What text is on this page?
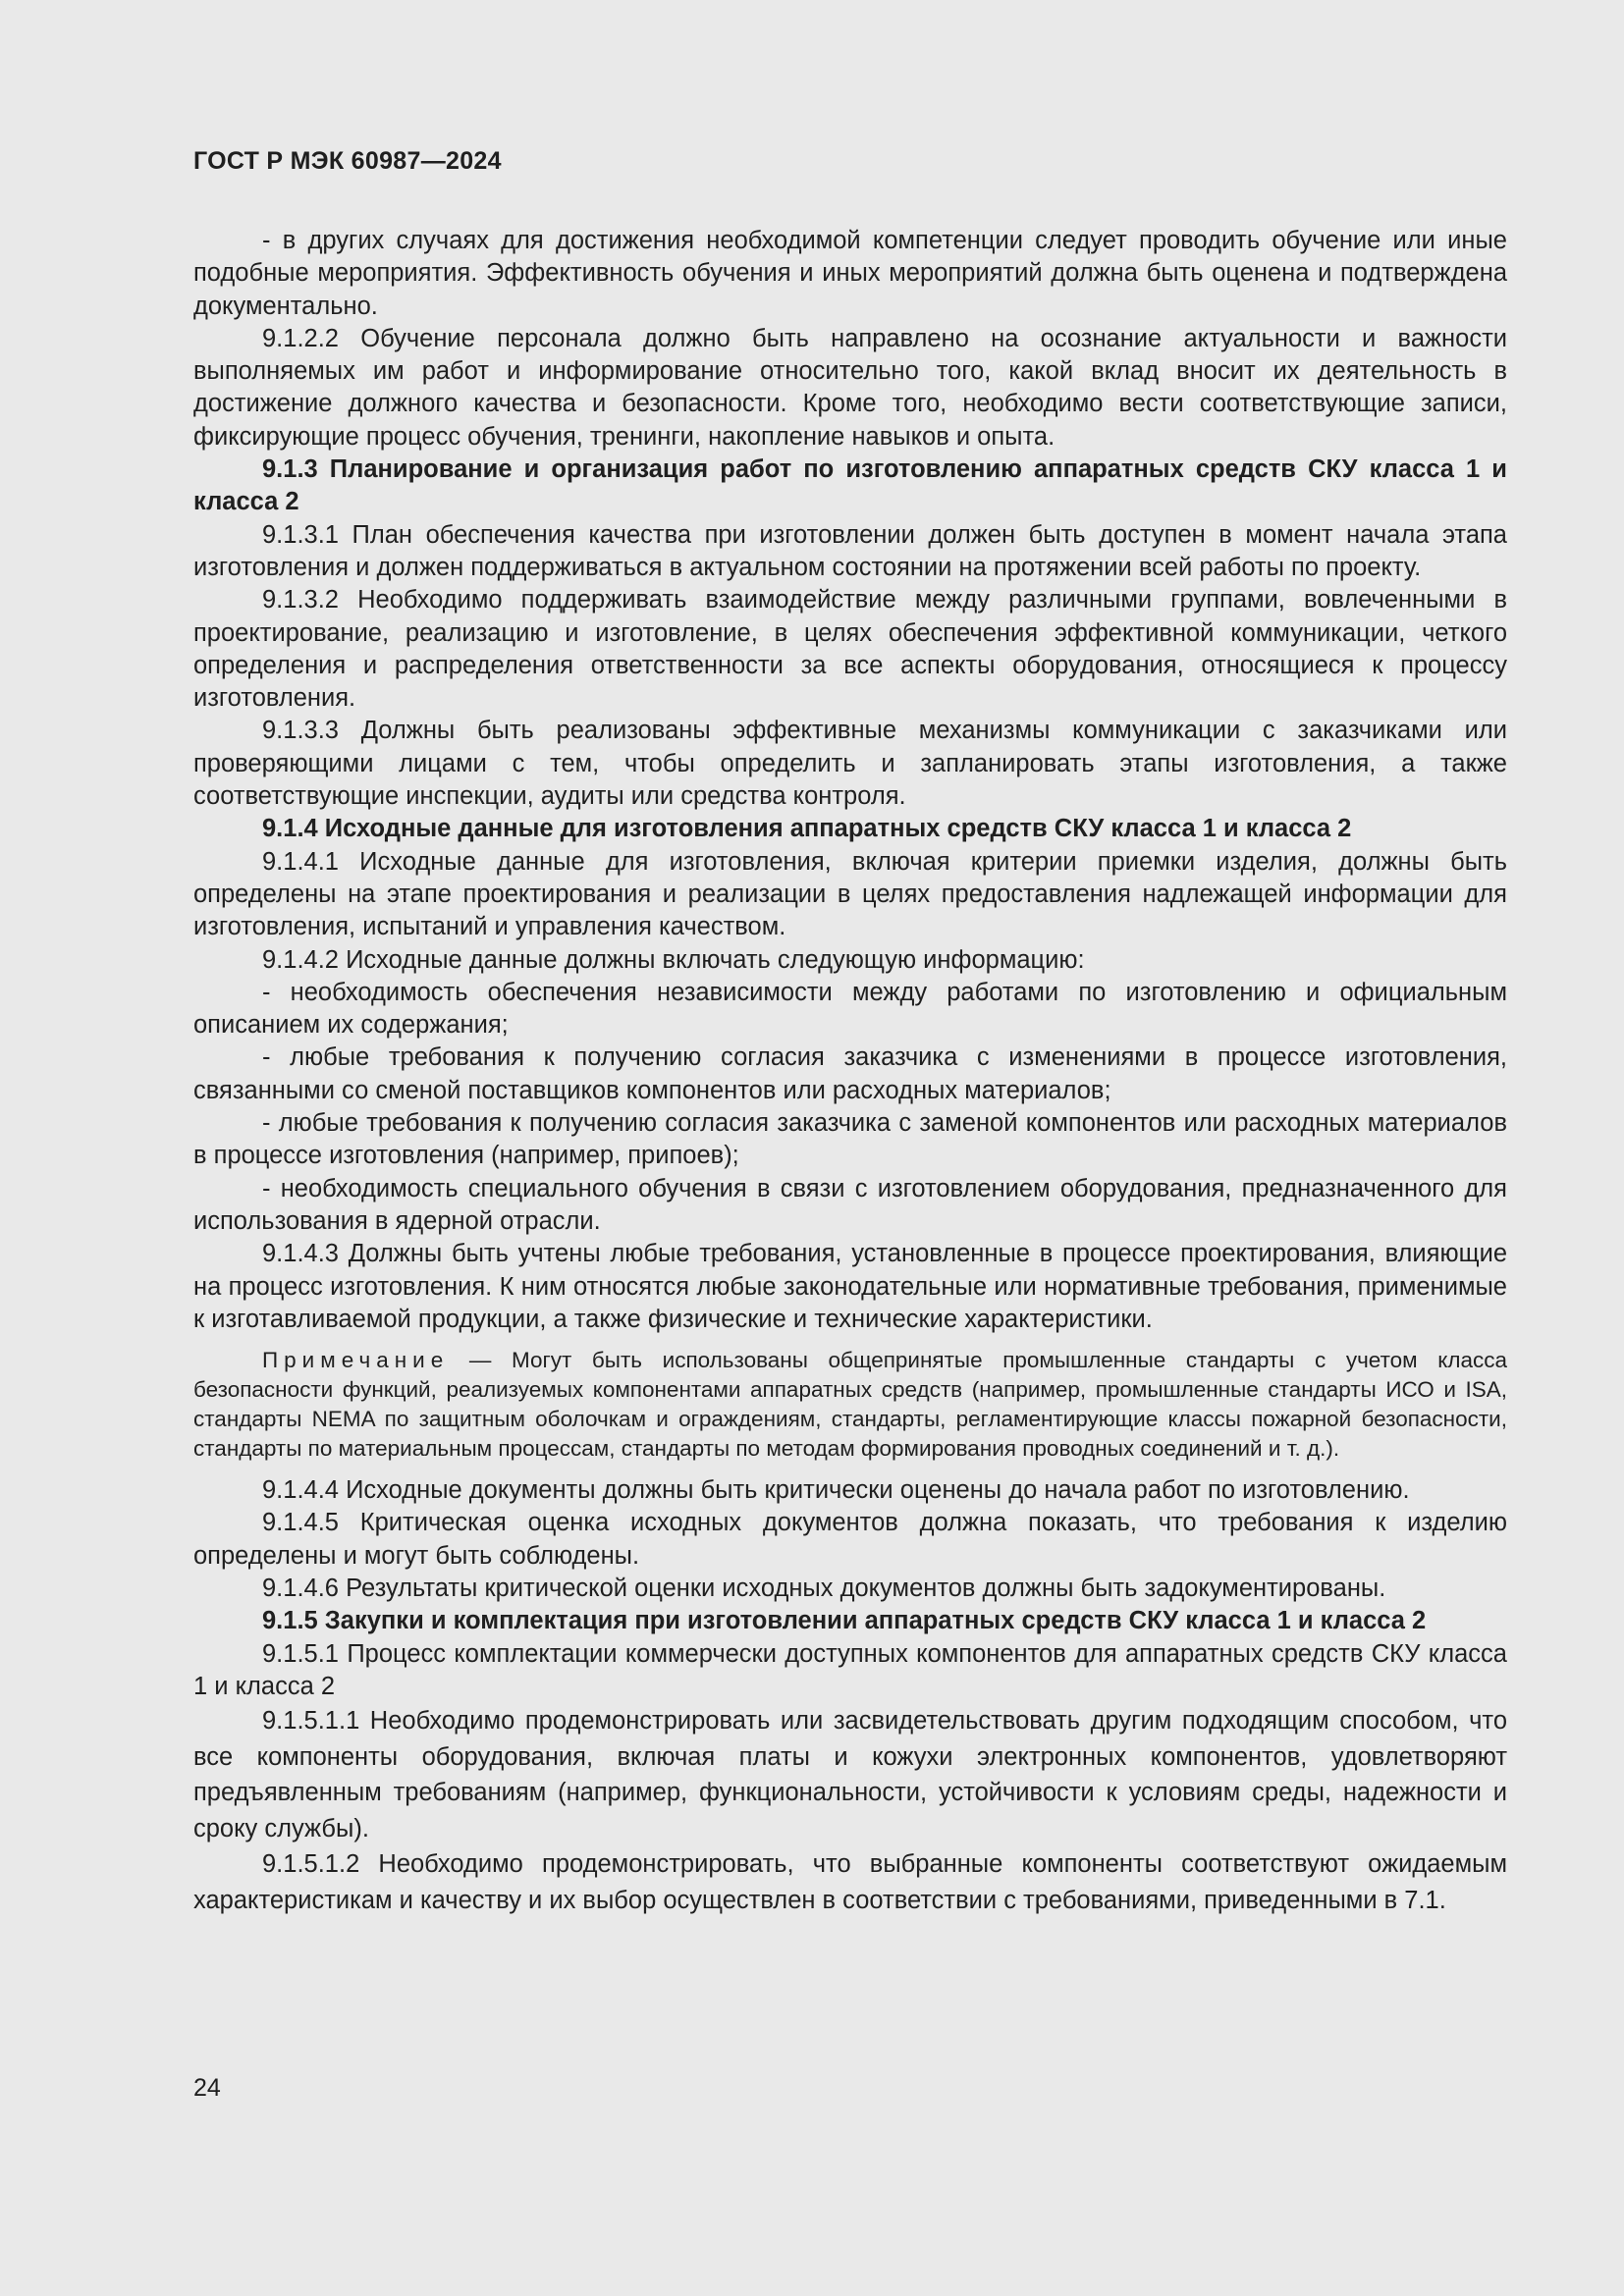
ГОСТ Р МЭК 60987—2024

- в других случаях для достижения необходимой компетенции следует проводить обучение или иные подобные мероприятия. Эффективность обучения и иных мероприятий должна быть оценена и подтверждена документально.

9.1.2.2 Обучение персонала должно быть направлено на осознание актуальности и важности выполняемых им работ и информирование относительно того, какой вклад вносит их деятельность в достижение должного качества и безопасности. Кроме того, необходимо вести соответствующие записи, фиксирующие процесс обучения, тренинги, накопление навыков и опыта.

9.1.3 Планирование и организация работ по изготовлению аппаратных средств СКУ класса 1 и класса 2

9.1.3.1 План обеспечения качества при изготовлении должен быть доступен в момент начала этапа изготовления и должен поддерживаться в актуальном состоянии на протяжении всей работы по проекту.

9.1.3.2 Необходимо поддерживать взаимодействие между различными группами, вовлеченными в проектирование, реализацию и изготовление, в целях обеспечения эффективной коммуникации, четкого определения и распределения ответственности за все аспекты оборудования, относящиеся к процессу изготовления.

9.1.3.3 Должны быть реализованы эффективные механизмы коммуникации с заказчиками или проверяющими лицами с тем, чтобы определить и запланировать этапы изготовления, а также соответствующие инспекции, аудиты или средства контроля.

9.1.4 Исходные данные для изготовления аппаратных средств СКУ класса 1 и класса 2

9.1.4.1 Исходные данные для изготовления, включая критерии приемки изделия, должны быть определены на этапе проектирования и реализации в целях предоставления надлежащей информации для изготовления, испытаний и управления качеством.

9.1.4.2 Исходные данные должны включать следующую информацию:

- необходимость обеспечения независимости между работами по изготовлению и официальным описанием их содержания;

- любые требования к получению согласия заказчика с изменениями в процессе изготовления, связанными со сменой поставщиков компонентов или расходных материалов;

- любые требования к получению согласия заказчика с заменой компонентов или расходных материалов в процессе изготовления (например, припоев);

- необходимость специального обучения в связи с изготовлением оборудования, предназначенного для использования в ядерной отрасли.

9.1.4.3 Должны быть учтены любые требования, установленные в процессе проектирования, влияющие на процесс изготовления. К ним относятся любые законодательные или нормативные требования, применимые к изготавливаемой продукции, а также физические и технические характеристики.

Примечание — Могут быть использованы общепринятые промышленные стандарты с учетом класса безопасности функций, реализуемых компонентами аппаратных средств (например, промышленные стандарты ИСО и ISA, стандарты NEMA по защитным оболочкам и ограждениям, стандарты, регламентирующие классы пожарной безопасности, стандарты по материальным процессам, стандарты по методам формирования проводных соединений и т. д.).

9.1.4.4 Исходные документы должны быть критически оценены до начала работ по изготовлению.

9.1.4.5 Критическая оценка исходных документов должна показать, что требования к изделию определены и могут быть соблюдены.

9.1.4.6 Результаты критической оценки исходных документов должны быть задокументированы.

9.1.5 Закупки и комплектация при изготовлении аппаратных средств СКУ класса 1 и класса 2

9.1.5.1 Процесс комплектации коммерчески доступных компонентов для аппаратных средств СКУ класса 1 и класса 2

9.1.5.1.1 Необходимо продемонстрировать или засвидетельствовать другим подходящим способом, что все компоненты оборудования, включая платы и кожухи электронных компонентов, удовлетворяют предъявленным требованиям (например, функциональности, устойчивости к условиям среды, надежности и сроку службы).

9.1.5.1.2 Необходимо продемонстрировать, что выбранные компоненты соответствуют ожидаемым характеристикам и качеству и их выбор осуществлен в соответствии с требованиями, приведенными в 7.1.

24
